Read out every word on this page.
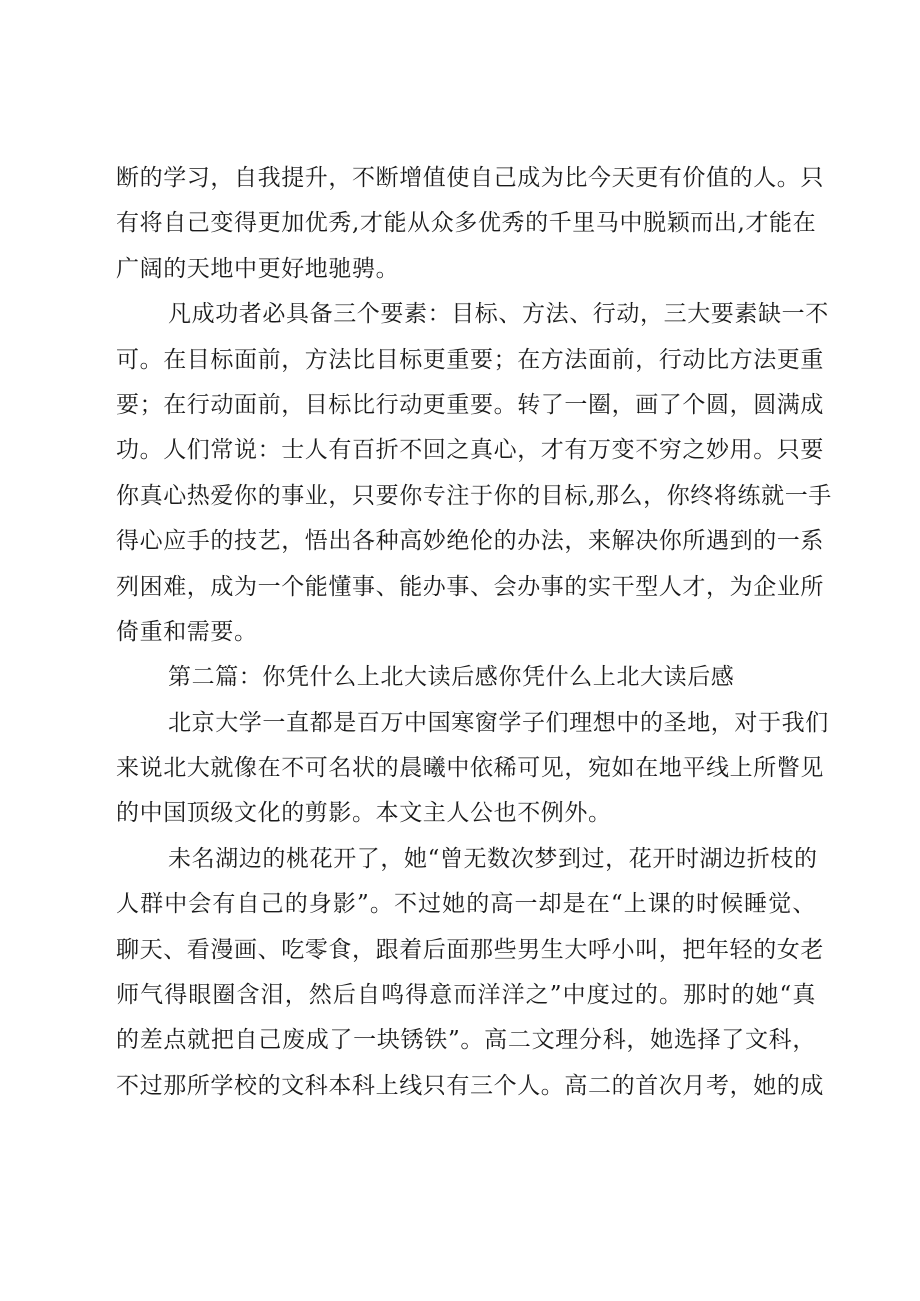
断的学习，自我提升，不断增值使自己成为比今天更有价值的人。只
有将自己变得更加优秀,才能从众多优秀的千里马中脱颖而出,才能在
广阔的天地中更好地驰骋。
凡成功者必具备三个要素：目标、方法、行动，三大要素缺一不
可。在目标面前，方法比目标更重要；在方法面前，行动比方法更重
要；在行动面前，目标比行动更重要。转了一圈，画了个圆，圆满成
功。人们常说：士人有百折不回之真心，才有万变不穷之妙用。只要
你真心热爱你的事业，只要你专注于你的目标,那么，你终将练就一手
得心应手的技艺，悟出各种高妙绝伦的办法，来解决你所遇到的一系
列困难，成为一个能懂事、能办事、会办事的实干型人才，为企业所
倚重和需要。
第二篇：你凭什么上北大读后感你凭什么上北大读后感
北京大学一直都是百万中国寒窗学子们理想中的圣地，对于我们
来说北大就像在不可名状的晨曦中依稀可见，宛如在地平线上所瞥见
的中国顶级文化的剪影。本文主人公也不例外。
未名湖边的桃花开了，她“曾无数次梦到过，花开时湖边折枝的
人群中会有自己的身影”。不过她的高一却是在“上课的时候睡觉、
聊天、看漫画、吃零食，跟着后面那些男生大呼小叫，把年轻的女老
师气得眼圈含泪，然后自鸣得意而洋洋之”中度过的。那时的她“真
的差点就把自己废成了一块锈铁”。高二文理分科，她选择了文科，
不过那所学校的文科本科上线只有三个人。高二的首次月考，她的成
